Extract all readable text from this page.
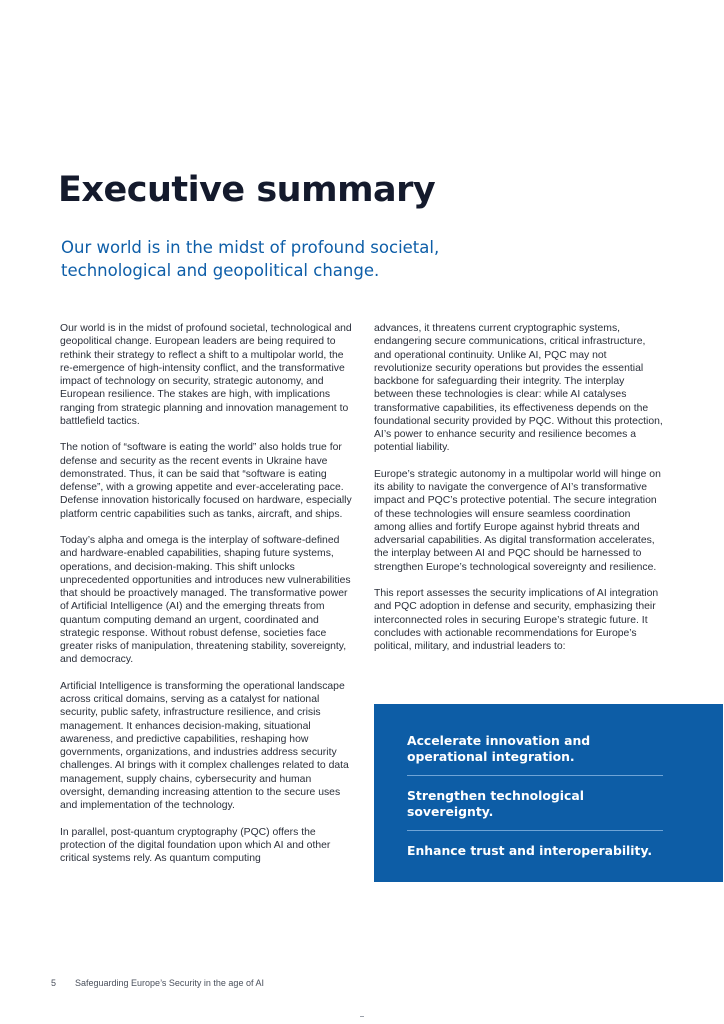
Executive summary
Our world is in the midst of profound societal, technological and geopolitical change.

Our world is in the midst of profound societal, technological and geopolitical change. European leaders are being required to rethink their strategy to reflect a shift to a multipolar world, the re-emergence of high-intensity conflict, and the transformative impact of technology on security, strategic autonomy, and European resilience. The stakes are high, with implications ranging from strategic planning and innovation management to battlefield tactics.

The notion of “software is eating the world” also holds true for defense and security as the recent events in Ukraine have demonstrated. Thus, it can be said that “software is eating defense”, with a growing appetite and ever-accelerating pace. Defense innovation historically focused on hardware, especially platform centric capabilities such as tanks, aircraft, and ships.

Today’s alpha and omega is the interplay of software-defined and hardware-enabled capabilities, shaping future systems, operations, and decision-making. This shift unlocks unprecedented opportunities and introduces new vulnerabilities that should be proactively managed. The transformative power of Artificial Intelligence (AI) and the emerging threats from quantum computing demand an urgent, coordinated and strategic response. Without robust defense, societies face greater risks of manipulation, threatening stability, sovereignty, and democracy.

Artificial Intelligence is transforming the operational landscape across critical domains, serving as a catalyst for national security, public safety, infrastructure resilience, and crisis management. It enhances decision-making, situational awareness, and predictive capabilities, reshaping how governments, organizations, and industries address security challenges. AI brings with it complex challenges related to data management, supply chains, cybersecurity and human oversight, demanding increasing attention to the secure uses and implementation of the technology.

In parallel, post-quantum cryptography (PQC) offers the protection of the digital foundation upon which AI and other critical systems rely. As quantum computing

advances, it threatens current cryptographic systems, endangering secure communications, critical infrastructure, and operational continuity. Unlike AI, PQC may not revolutionize security operations but provides the essential backbone for safeguarding their integrity. The interplay between these technologies is clear: while AI catalyses transformative capabilities, its effectiveness depends on the foundational security provided by PQC. Without this protection, AI’s power to enhance security and resilience becomes a potential liability.

Europe’s strategic autonomy in a multipolar world will hinge on its ability to navigate the convergence of AI’s transformative impact and PQC’s protective potential. The secure integration of these technologies will ensure seamless coordination among allies and fortify Europe against hybrid threats and adversarial capabilities. As digital transformation accelerates, the interplay between AI and PQC should be harnessed to strengthen Europe’s technological sovereignty and resilience.

This report assesses the security implications of AI integration and PQC adoption in defense and security, emphasizing their interconnected roles in securing Europe’s strategic future. It concludes with actionable recommendations for Europe’s political, military, and industrial leaders to:

Accelerate innovation and operational integration.
Strengthen technological sovereignty.
Enhance trust and interoperability.
5 Safeguarding Europe’s Security in the age of AI
